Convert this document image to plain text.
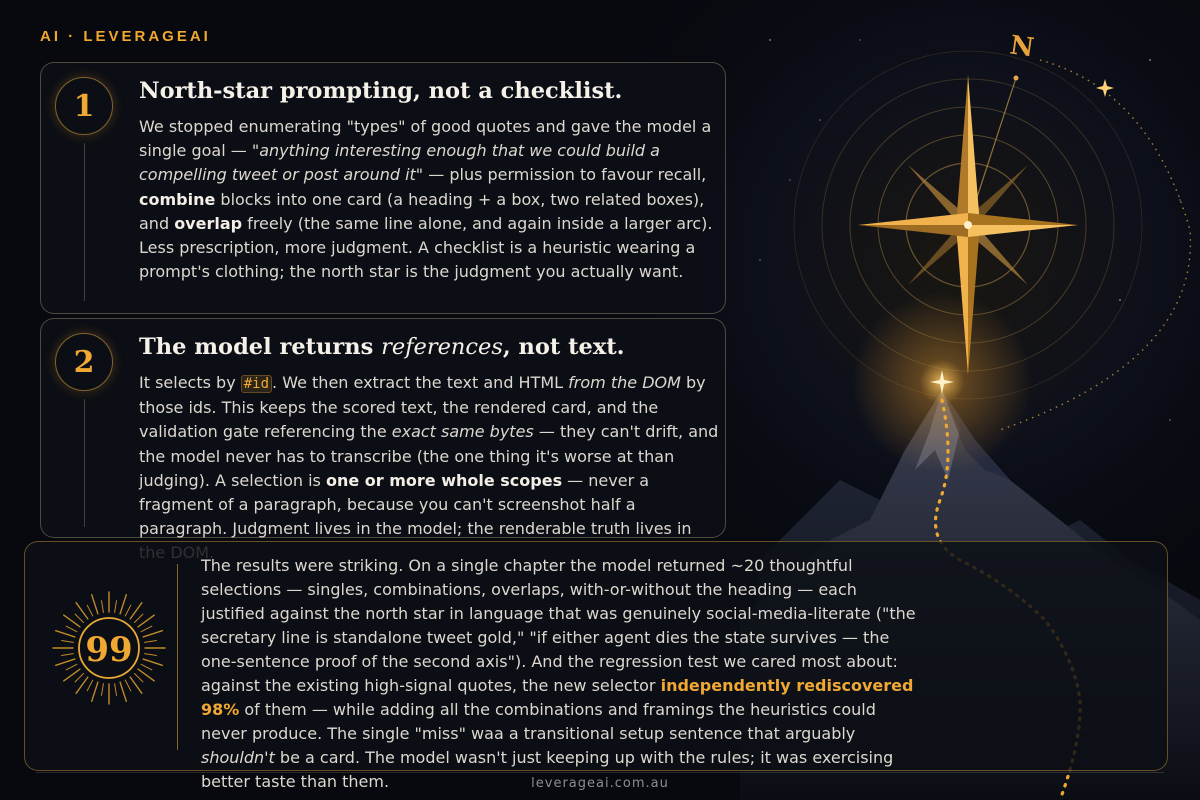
AI · LEVERAGEAI	N
1	North-star prompting, not a checklist.
We stopped enumerating "types" of good quotes and gave the model a single goal — "anything interesting enough that we could build a compelling tweet or post around it" — plus permission to favour recall, combine blocks into one card (a heading + a box, two related boxes), and overlap freely (the same line alone, and again inside a larger arc). Less prescription, more judgment. A checklist is a heuristic wearing a prompt's clothing; the north star is the judgment you actually want.
2	The model returns references, not text.
It selects by #id . We then extract the text and HTML from the DOM by those ids. This keeps the scored text, the rendered card, and the validation gate referencing the exact same bytes — they can't drift, and the model never has to transcribe (the one thing it's worse at than judging). A selection is one or more whole scopes — never a fragment of a paragraph, because you can't screenshot half a paragraph. Judgment lives in the model; the renderable truth lives in
99
The results were striking. On a single chapter the model returned ~20 thoughtful selections — singles, combinations, overlaps, with-or-without the heading — each justified against the north star in language that was genuinely social-media-literate ("the secretary line is standalone tweet gold," "if either agent dies the state survives — the one-sentence proof of the second axis"). And the regression test we cared most about: against the existing high-signal quotes, the new selector independently rediscovered 98% of them — while adding all the combinations and framings the heuristics could never produce. The single "miss" waa a transitional setup sentence that arguably shouldn't be a card. The model wasn't just keeping up with the rules; it was exercising better taste than them.	leverageai.com.au
